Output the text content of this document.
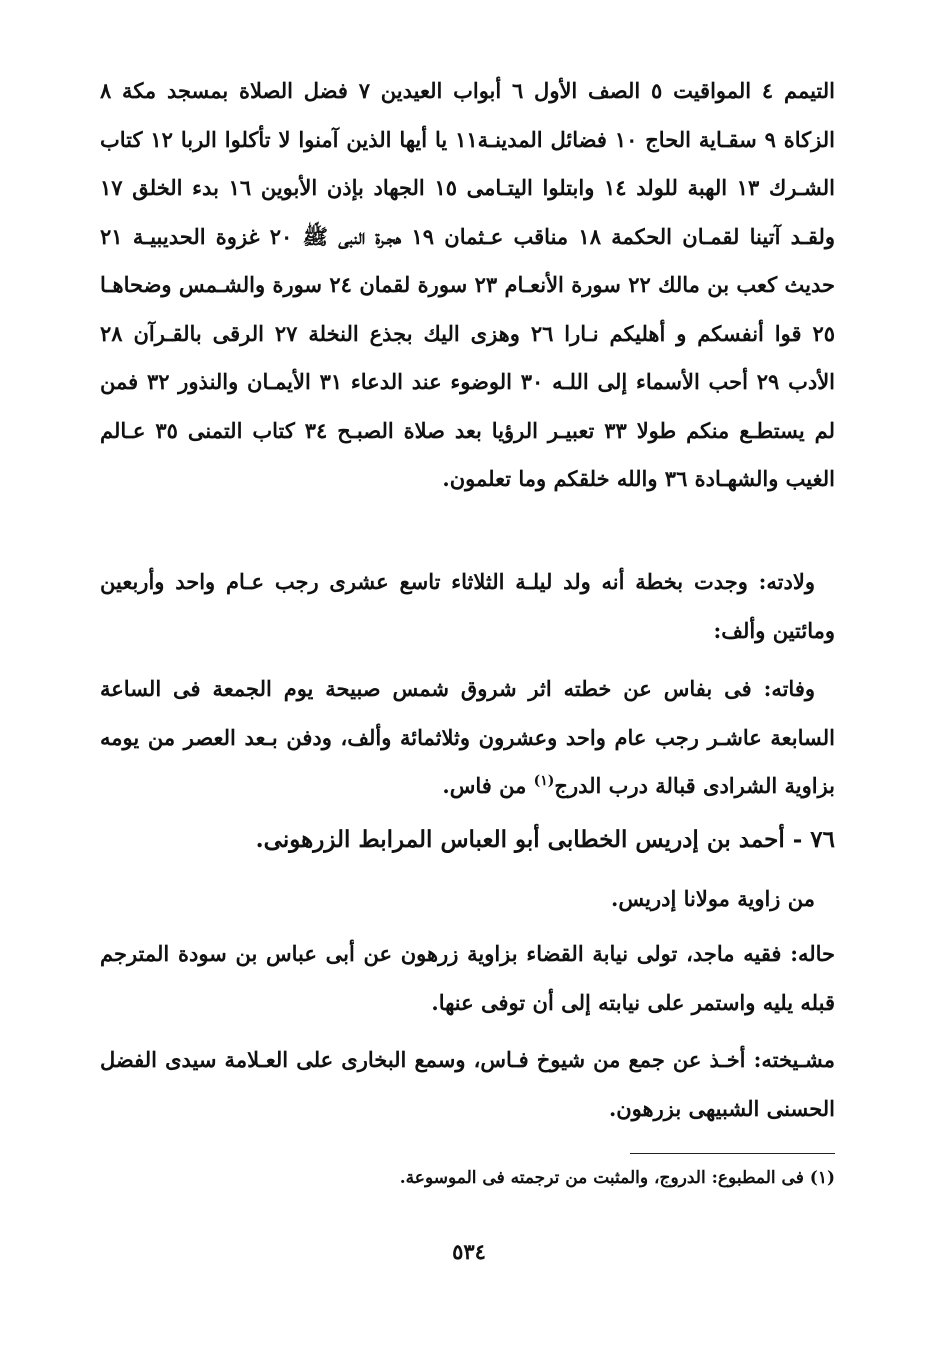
التيمم ٤ المواقيت ٥ الصف الأول ٦ أبواب العيدين ٧ فضل الصلاة بمسجد مكة ٨ الزكاة ٩ سقـاية الحاج ١٠ فضائل المدينـة١١ يا أيها الذين آمنوا لا تأكلوا الربا ١٢ كتاب الشـرك ١٣ الهبة للولد ١٤ وابتلوا اليتـامى ١٥ الجهاد بإذن الأبوين ١٦ بدء الخلق ١٧ ولقـد آتينا لقمـان الحكمة ١٨ مناقب عـثمان ١٩ هجـرة النبى ﷺ ٢٠ غزوة الحديبيـة ٢١ حديث كعب بن مالك ٢٢ سورة الأنعـام ٢٣ سورة لقمان ٢٤ سورة والشـمس وضحاهـا ٢٥ قوا أنفسكم و أهليكم نـارا ٢٦ وهزى اليك بجذع النخلة ٢٧ الرقى بالقـرآن ٢٨ الأدب ٢٩ أحب الأسماء إلى اللـه ٣٠ الوضوء عند الدعاء ٣١ الأيمـان والنذور ٣٢ فمن لم يستطـع منكم طولا ٣٣ تعبيـر الرؤيا بعد صلاة الصبـح ٣٤ كتاب التمنى ٣٥ عـالم الغيب والشهـادة ٣٦ والله خلقكم وما تعلمون.

ولادته: وجدت بخطة أنه ولد ليلـة الثلاثاء تاسع عشرى رجب عـام واحد وأربعين ومائتين وألف:

وفاته: فى بفاس عن خطته اثر شروق شمس صبيحة يوم الجمعة فى الساعة السابعة عاشـر رجب عام واحد وعشرون وثلاثمائة وألف، ودفن بـعد العصر من يومه بزاوية الشرادى قبالة درب الدرج$^{(١)}$ من فاس.

٧٦ - أحمد بن إدريس الخطابى أبو العباس المرابط الزرهونى.

من زاوية مولانا إدريس.

حاله: فقيه ماجد، تولى نيابة القضاء بزاوية زرهون عن أبى عباس بن سودة المترجم قبله يليه واستمر على نيابته إلى أن توفى عنها.

مشـيخته: أخـذ عن جمع من شيوخ فـاس، وسمع البخارى على العـلامة سيدى الفضل الحسنى الشبيهى بزرهون.

(١) فى المطبوع: الدروج، والمثبت من ترجمته فى الموسوعة.

٥٣٤
